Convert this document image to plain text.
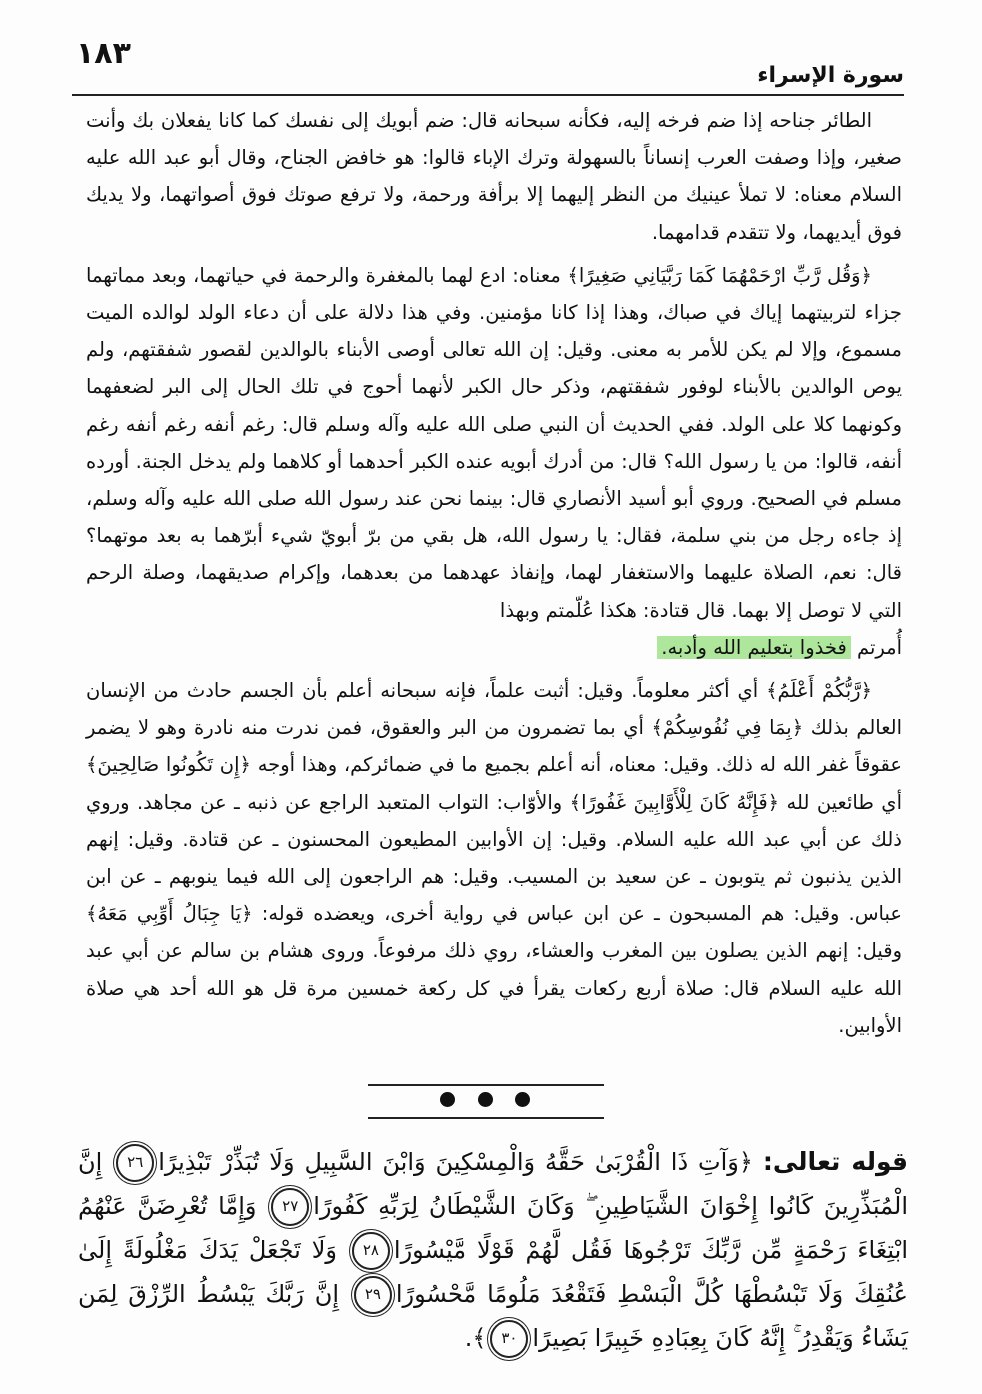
سورة الإسراء
١٨٣

الطائر جناحه إذا ضم فرخه إليه، فكأنه سبحانه قال: ضم أبويك إلى نفسك كما كانا يفعلان بك وأنت صغير، وإذا وصفت العرب إنساناً بالسهولة وترك الإباء قالوا: هو خافض الجناح، وقال أبو عبد الله عليه السلام معناه: لا تملأ عينيك من النظر إليهما إلا برأفة ورحمة، ولا ترفع صوتك فوق أصواتهما، ولا يديك فوق أيديهما، ولا تتقدم قدامهما.

﴿وَقُل رَّبِّ ارْحَمْهُمَا كَمَا رَبَّيَانِي صَغِيرًا﴾ معناه: ادع لهما بالمغفرة والرحمة في حياتهما، وبعد مماتهما جزاء لتربيتهما إياك في صباك، وهذا إذا كانا مؤمنين. وفي هذا دلالة على أن دعاء الولد لوالده الميت مسموع، وإلا لم يكن للأمر به معنى. وقيل: إن الله تعالى أوصى الأبناء بالوالدين لقصور شفقتهم، ولم يوص الوالدين بالأبناء لوفور شفقتهم، وذكر حال الكبر لأنهما أحوج في تلك الحال إلى البر لضعفهما وكونهما كلا على الولد. ففي الحديث أن النبي صلى الله عليه وآله وسلم قال: رغم أنفه رغم أنفه رغم أنفه، قالوا: من يا رسول الله؟ قال: من أدرك أبويه عنده الكبر أحدهما أو كلاهما ولم يدخل الجنة. أورده مسلم في الصحيح. وروي أبو أسيد الأنصاري قال: بينما نحن عند رسول الله صلى الله عليه وآله وسلم، إذ جاءه رجل من بني سلمة، فقال: يا رسول الله، هل بقي من برّ أبويّ شيء أبرّهما به بعد موتهما؟ قال: نعم، الصلاة عليهما والاستغفار لهما، وإنفاذ عهدهما من بعدهما، وإكرام صديقهما، وصلة الرحم التي لا توصل إلا بهما. قال قتادة: هكذا عُلّمتم وبهذا
أُمرتم فخذوا بتعليم الله وأدبه.

﴿رَّبُّكُمْ أَعْلَمُ﴾ أي أكثر معلوماً. وقيل: أثبت علماً، فإنه سبحانه أعلم بأن الجسم حادث من الإنسان العالم بذلك ﴿بِمَا فِي نُفُوسِكُمْ﴾ أي بما تضمرون من البر والعقوق، فمن ندرت منه نادرة وهو لا يضمر عقوقاً غفر الله له ذلك. وقيل: معناه، أنه أعلم بجميع ما في ضمائركم، وهذا أوجه ﴿إِن تَكُونُوا صَالِحِينَ﴾ أي طائعين لله ﴿فَإِنَّهُ كَانَ لِلْأَوَّابِينَ غَفُورًا﴾ والأوّاب: التواب المتعبد الراجع عن ذنبه ـ عن مجاهد. وروي ذلك عن أبي عبد الله عليه السلام. وقيل: إن الأوابين المطيعون المحسنون ـ عن قتادة. وقيل: إنهم الذين يذنبون ثم يتوبون ـ عن سعيد بن المسيب. وقيل: هم الراجعون إلى الله فيما ينوبهم ـ عن ابن عباس. وقيل: هم المسبحون ـ عن ابن عباس في رواية أخرى، ويعضده قوله: ﴿يَا جِبَالُ أَوِّبِي مَعَهُ﴾ وقيل: إنهم الذين يصلون بين المغرب والعشاء، روي ذلك مرفوعاً. وروى هشام بن سالم عن أبي عبد الله عليه السلام قال: صلاة أربع ركعات يقرأ في كل ركعة خمسين مرة قل هو الله أحد هي صلاة الأوابين.

قوله تعالى: ﴿وَآتِ ذَا الْقُرْبَىٰ حَقَّهُ وَالْمِسْكِينَ وَابْنَ السَّبِيلِ وَلَا تُبَذِّرْ تَبْذِيرًا٢٦ إِنَّ الْمُبَذِّرِينَ كَانُوا إِخْوَانَ الشَّيَاطِينِ ۖ وَكَانَ الشَّيْطَانُ لِرَبِّهِ كَفُورًا٢٧ وَإِمَّا تُعْرِضَنَّ عَنْهُمُ ابْتِغَاءَ رَحْمَةٍ مِّن رَّبِّكَ تَرْجُوهَا فَقُل لَّهُمْ قَوْلًا مَّيْسُورًا٢٨ وَلَا تَجْعَلْ يَدَكَ مَغْلُولَةً إِلَىٰ عُنُقِكَ وَلَا تَبْسُطْهَا كُلَّ الْبَسْطِ فَتَقْعُدَ مَلُومًا مَّحْسُورًا٢٩ إِنَّ رَبَّكَ يَبْسُطُ الرِّزْقَ لِمَن يَشَاءُ وَيَقْدِرُ ۚ إِنَّهُ كَانَ بِعِبَادِهِ خَبِيرًا بَصِيرًا٣٠﴾.
